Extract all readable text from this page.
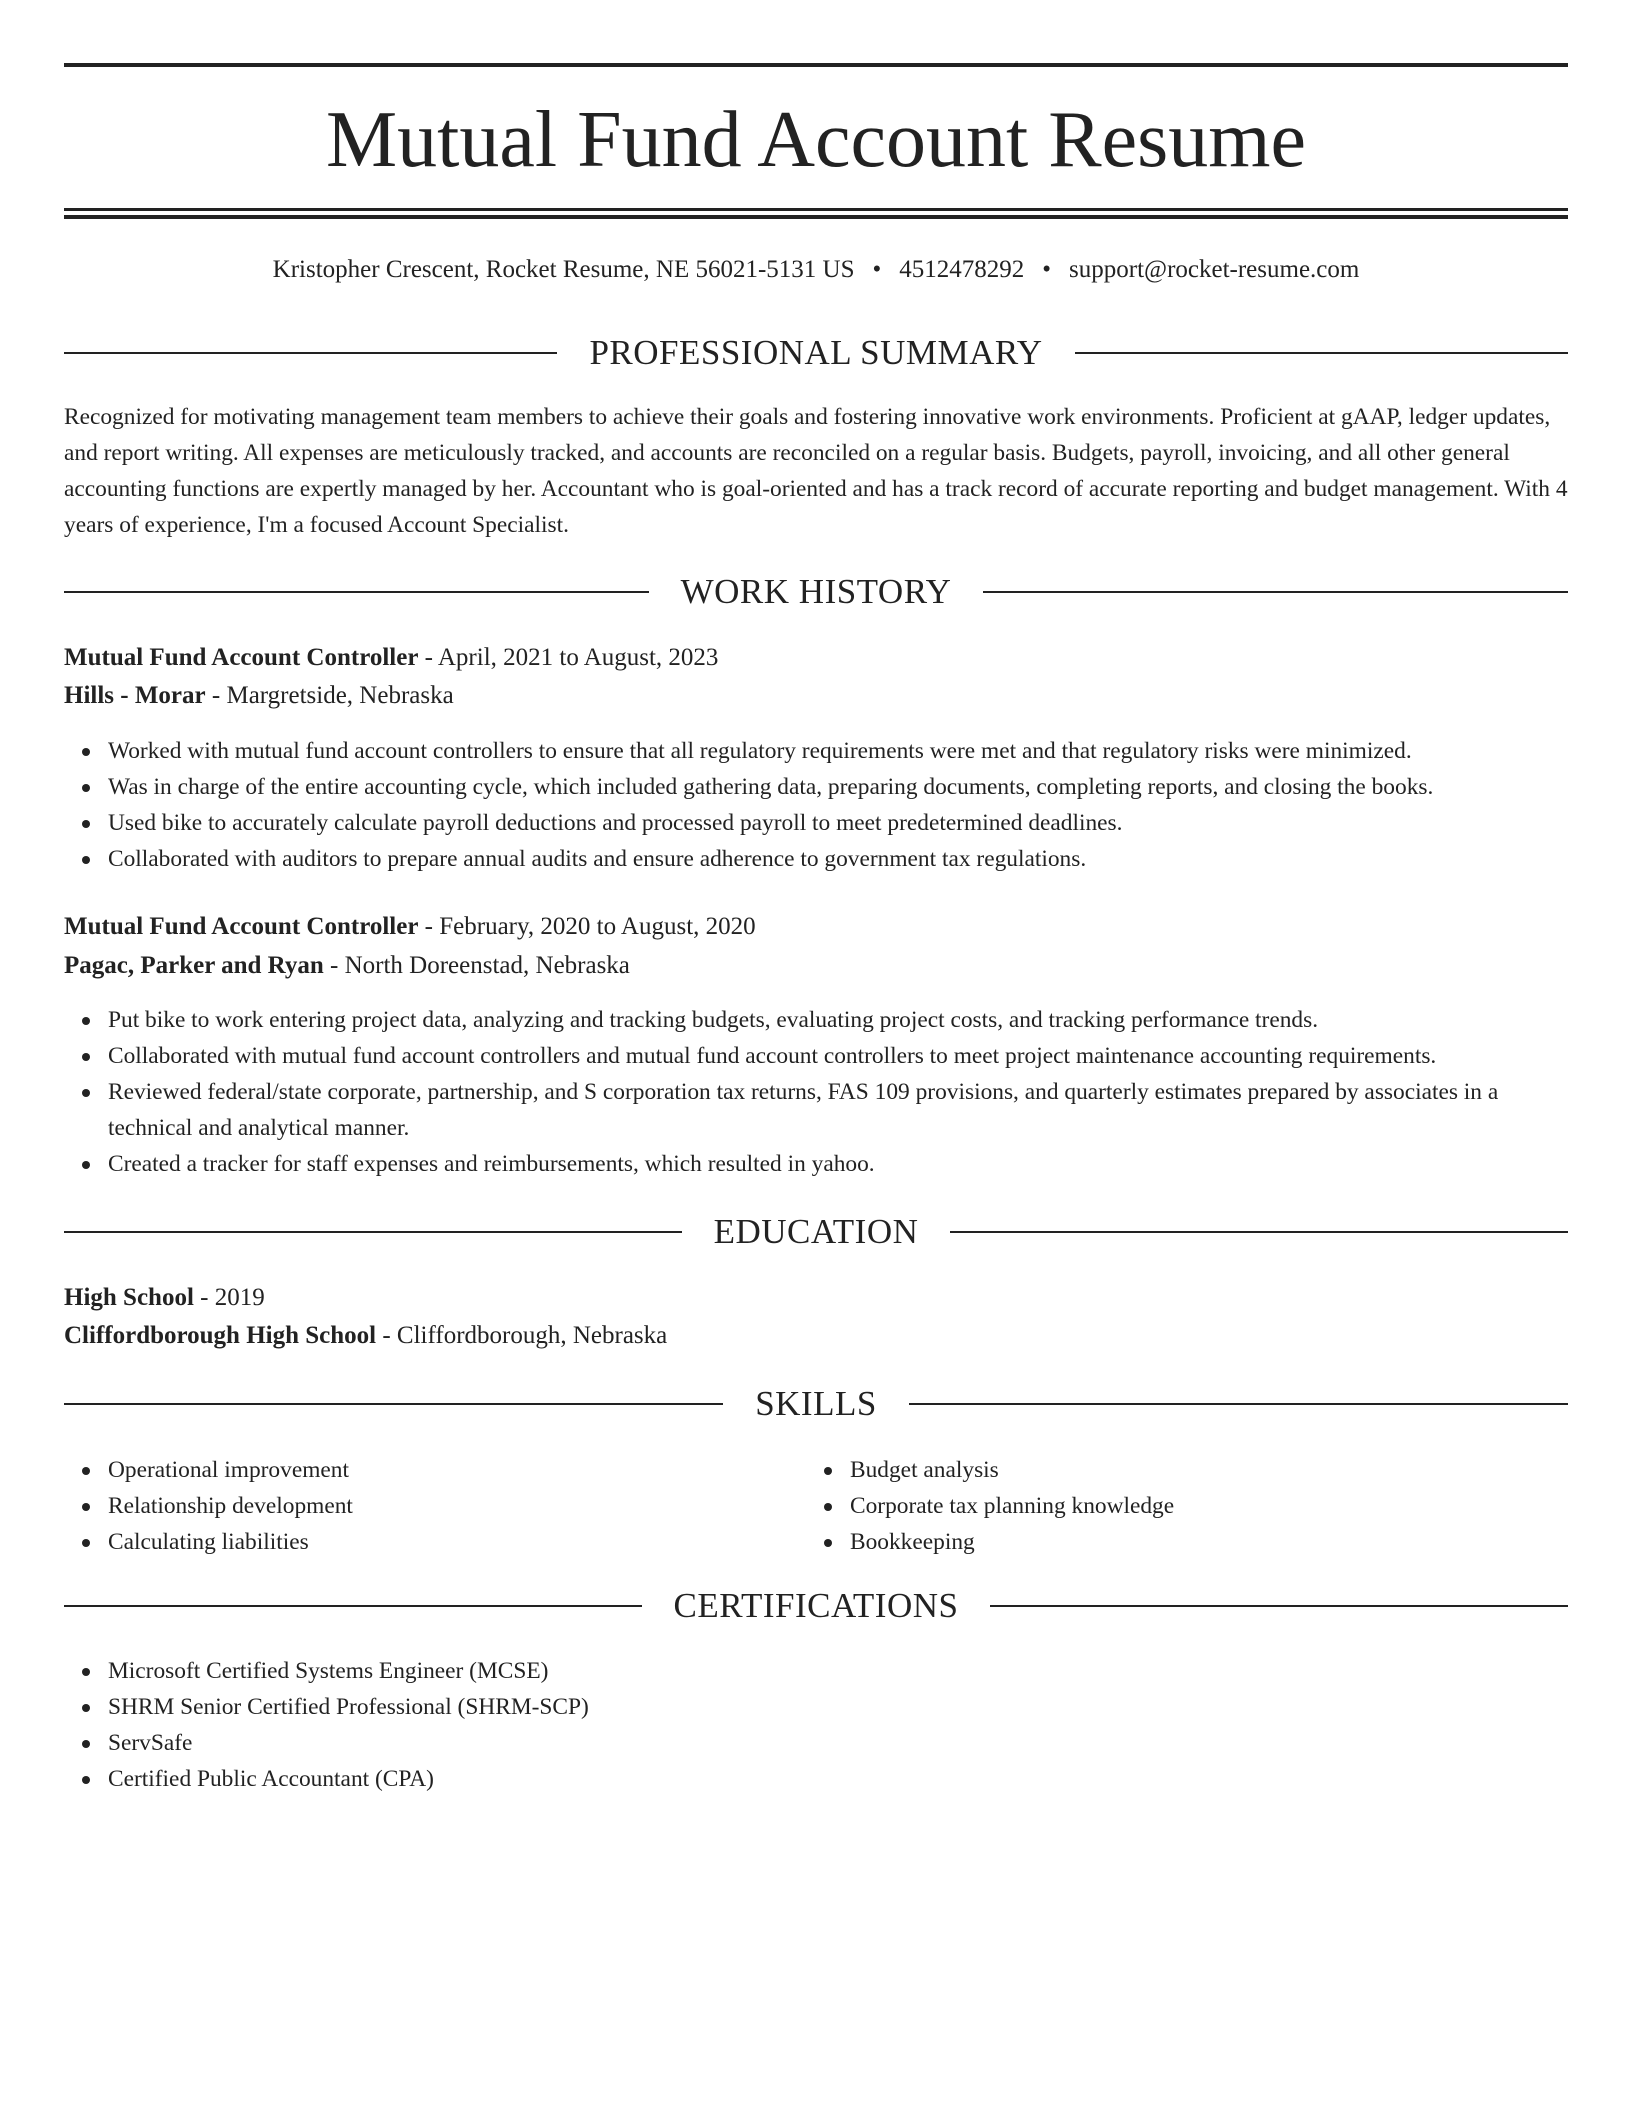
Mutual Fund Account Resume
Kristopher Crescent, Rocket Resume, NE 56021-5131 US • 4512478292 • support@rocket-resume.com
PROFESSIONAL SUMMARY

Recognized for motivating management team members to achieve their goals and fostering innovative work environments. Proficient at gAAP, ledger updates, and report writing. All expenses are meticulously tracked, and accounts are reconciled on a regular basis. Budgets, payroll, invoicing, and all other general accounting functions are expertly managed by her. Accountant who is goal-oriented and has a track record of accurate reporting and budget management. With 4 years of experience, I'm a focused Account Specialist.

WORK HISTORY
Mutual Fund Account Controller - April, 2021 to August, 2023
Hills - Morar - Margretside, Nebraska
Worked with mutual fund account controllers to ensure that all regulatory requirements were met and that regulatory risks were minimized.
Was in charge of the entire accounting cycle, which included gathering data, preparing documents, completing reports, and closing the books.
Used bike to accurately calculate payroll deductions and processed payroll to meet predetermined deadlines.
Collaborated with auditors to prepare annual audits and ensure adherence to government tax regulations.
Mutual Fund Account Controller - February, 2020 to August, 2020
Pagac, Parker and Ryan - North Doreenstad, Nebraska
Put bike to work entering project data, analyzing and tracking budgets, evaluating project costs, and tracking performance trends.
Collaborated with mutual fund account controllers and mutual fund account controllers to meet project maintenance accounting requirements.
Reviewed federal/state corporate, partnership, and S corporation tax returns, FAS 109 provisions, and quarterly estimates prepared by associates in a technical and analytical manner.
Created a tracker for staff expenses and reimbursements, which resulted in yahoo.
EDUCATION
High School - 2019
Cliffordborough High School - Cliffordborough, Nebraska
SKILLS
Operational improvement
Relationship development
Calculating liabilities
Budget analysis
Corporate tax planning knowledge
Bookkeeping
CERTIFICATIONS
Microsoft Certified Systems Engineer (MCSE)
SHRM Senior Certified Professional (SHRM-SCP)
ServSafe
Certified Public Accountant (CPA)
